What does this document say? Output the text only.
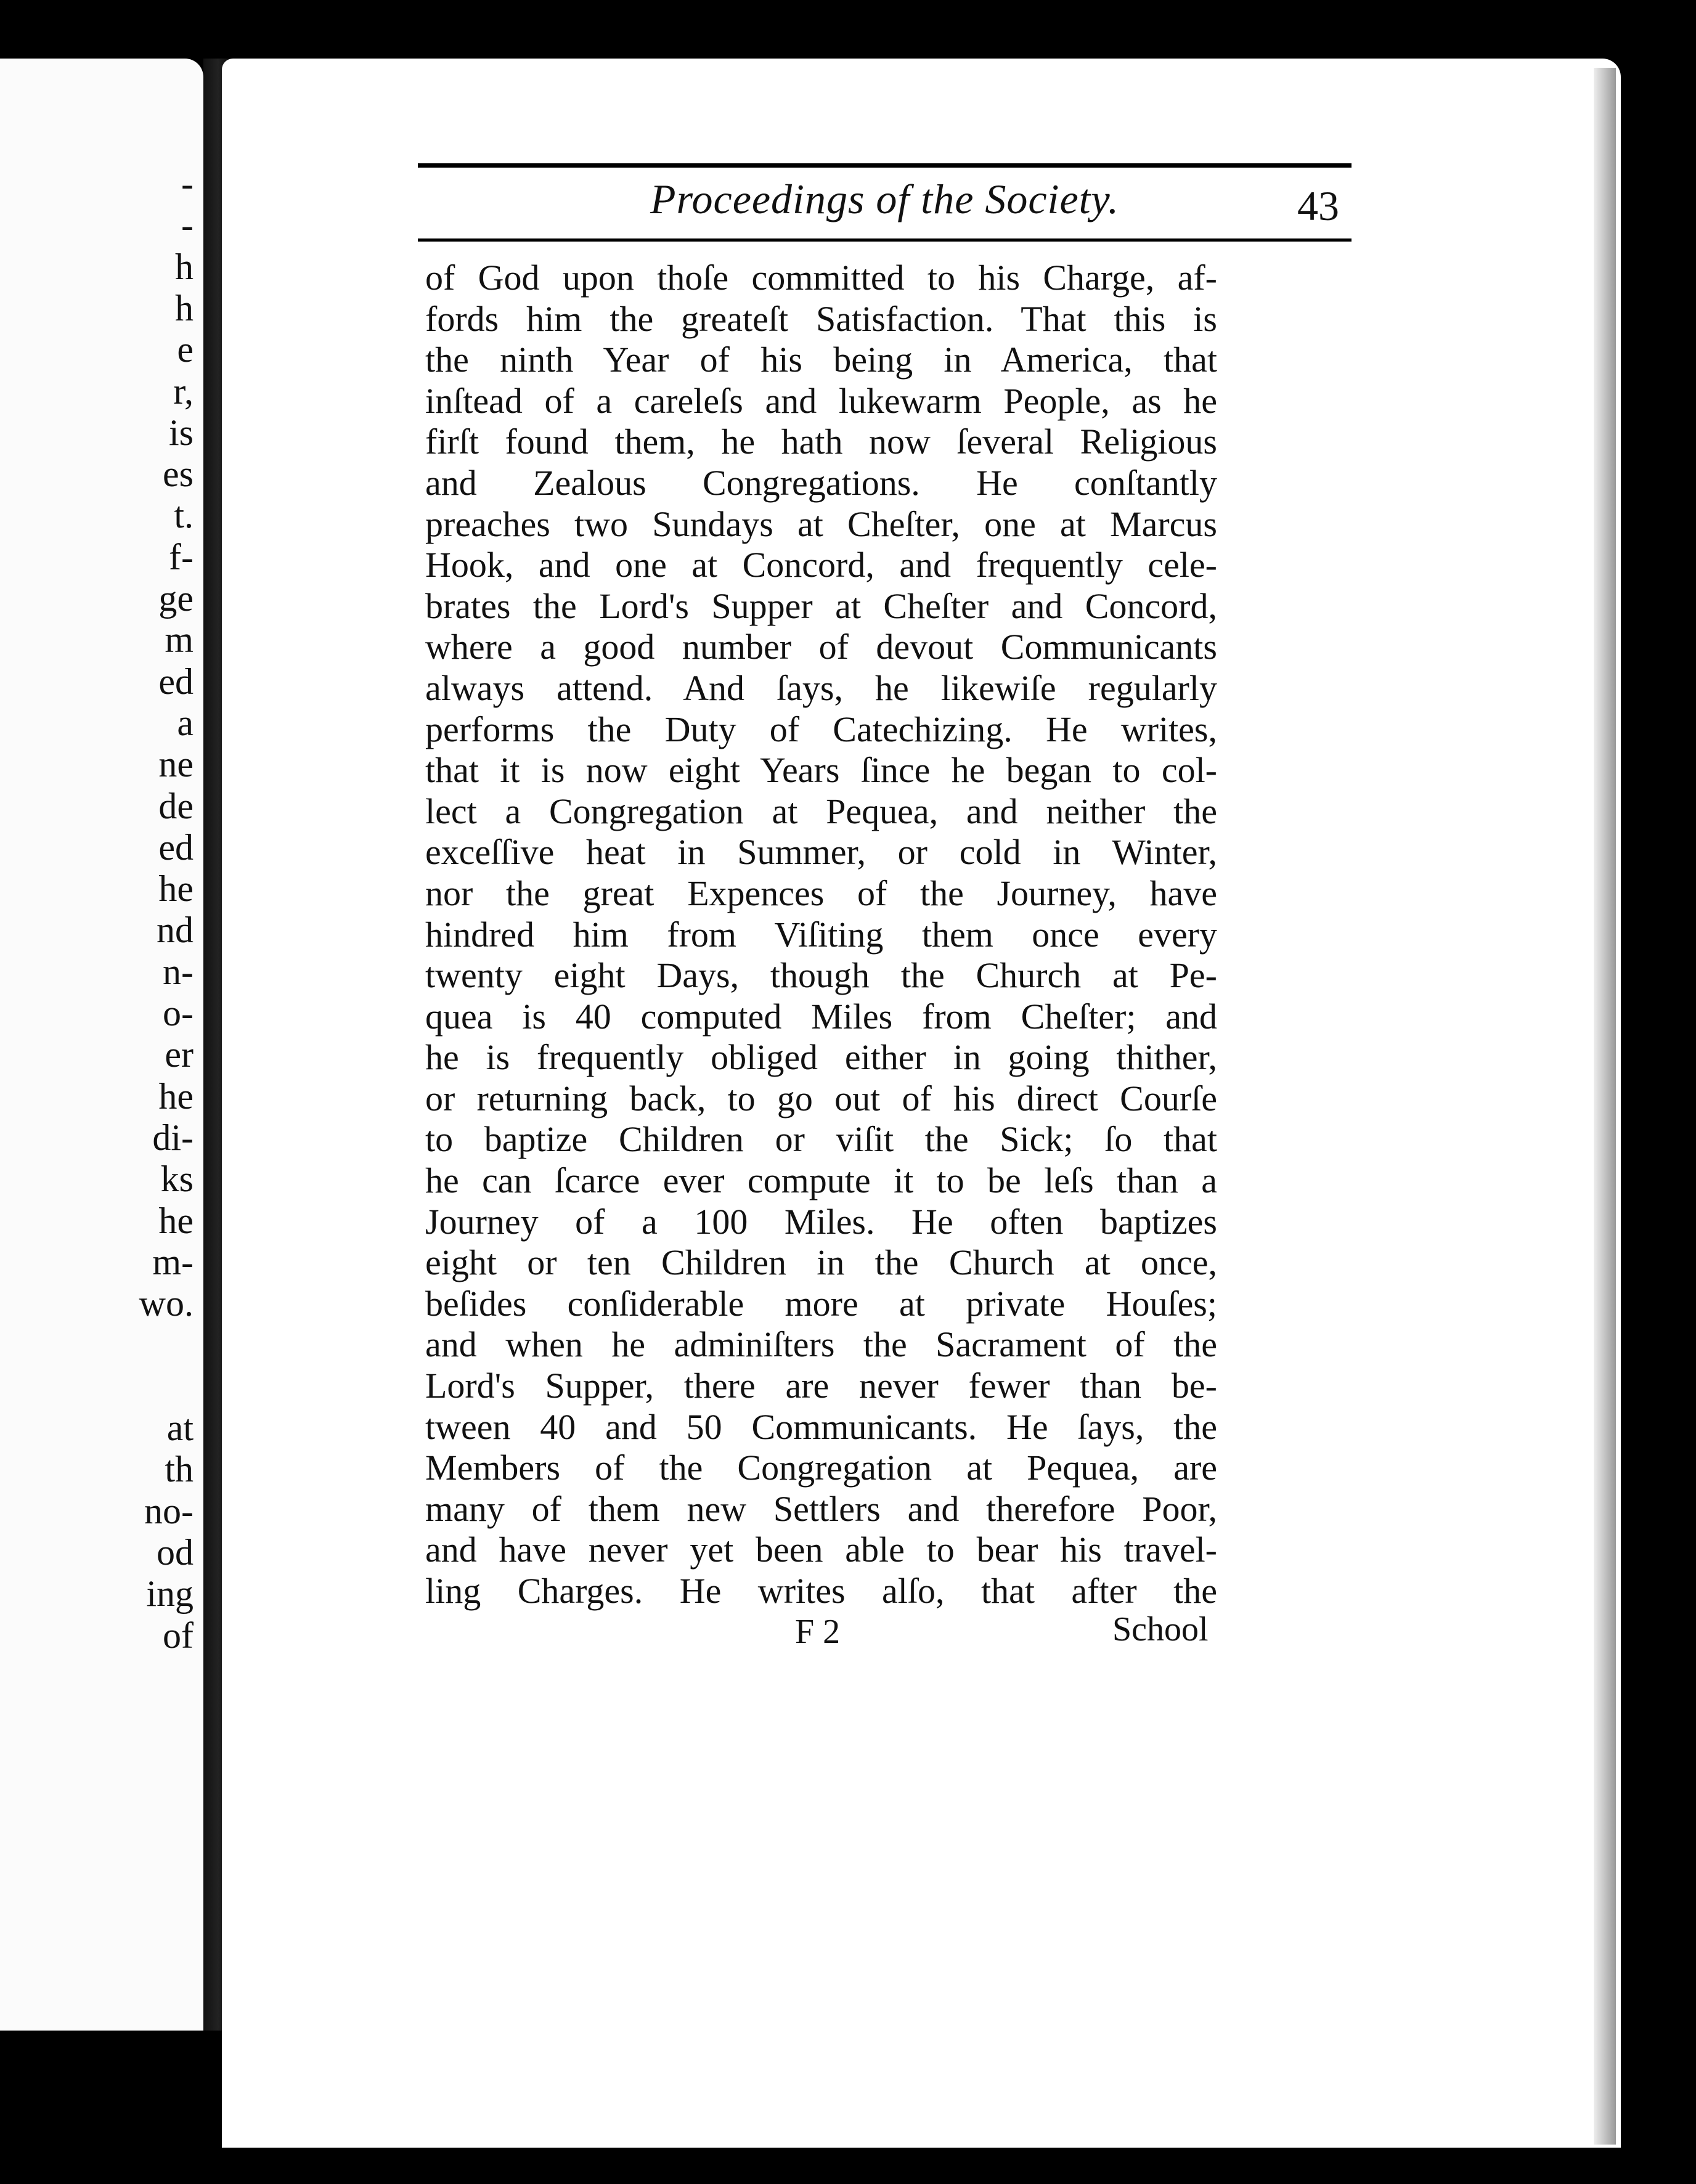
-
-
h
h
e
r,
is
es
t.
f-
ge
m
ed
a
ne
de
ed
he
nd
n-
o-
er
he
di-
ks
he
m-
wo.
at
th
no-
od
ing
of
Proceedings of the Society.	43
of God upon thoſe committed to his Charge, af-
fords him the greateſt Satisfaction. That this is
the ninth Year of his being in America, that
inſtead of a careleſs and lukewarm People, as he
firſt found them, he hath now ſeveral Religious
and Zealous Congregations. He conſtantly
preaches two Sundays at Cheſter, one at Marcus
Hook, and one at Concord, and frequently cele-
brates the Lord's Supper at Cheſter and Concord,
where a good number of devout Communicants
always attend. And ſays, he likewiſe regularly
performs the Duty of Catechizing. He writes,
that it is now eight Years ſince he began to col-
lect a Congregation at Pequea, and neither the
exceſſive heat in Summer, or cold in Winter,
nor the great Expences of the Journey, have
hindred him from Viſiting them once every
twenty eight Days, though the Church at Pe-
quea is 40 computed Miles from Cheſter; and
he is frequently obliged either in going thither,
or returning back, to go out of his direct Courſe
to baptize Children or viſit the Sick; ſo that
he can ſcarce ever compute it to be leſs than a
Journey of a 100 Miles. He often baptizes
eight or ten Children in the Church at once,
beſides conſiderable more at private Houſes;
and when he adminiſters the Sacrament of the
Lord's Supper, there are never fewer than be-
tween 40 and 50 Communicants. He ſays, the
Members of the Congregation at Pequea, are
many of them new Settlers and therefore Poor,
and have never yet been able to bear his travel-
ling Charges. He writes alſo, that after the
F 2	School
